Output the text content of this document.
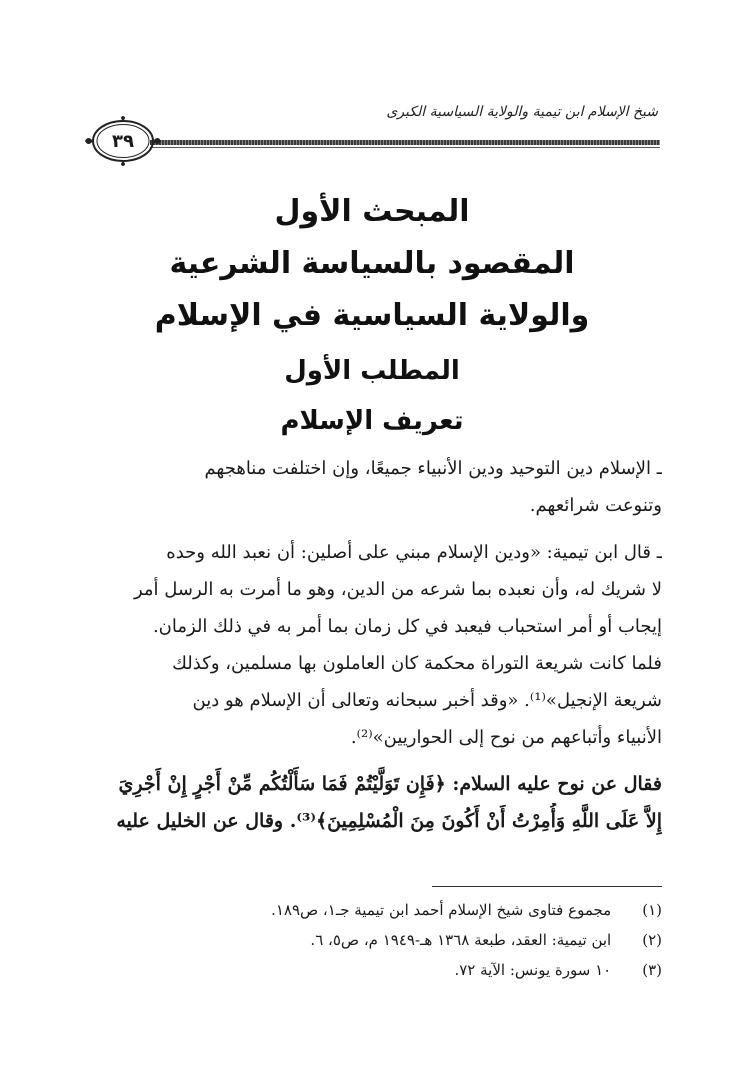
شيخ الإسلام ابن تيمية والولاية السياسية الكبرى
٣٩
المبحث الأول
المقصود بالسياسة الشرعية
والولاية السياسية في الإسلام
المطلب الأول
تعريف الإسلام
ـ الإسلام دين التوحيد ودين الأنبياء جميعًا، وإن اختلفت مناهجهم
وتنوعت شرائعهم.
ـ قال ابن تيمية: «ودين الإسلام مبني على أصلين: أن نعبد الله وحده
لا شريك له، وأن نعبده بما شرعه من الدين، وهو ما أمرت به الرسل أمر
إيجاب أو أمر استحباب فيعبد في كل زمان بما أمر به في ذلك الزمان.
فلما كانت شريعة التوراة محكمة كان العاملون بها مسلمين، وكذلك
شريعة الإنجيل»⁽¹⁾. «وقد أخبر سبحانه وتعالى أن الإسلام هو دين
الأنبياء وأتباعهم من نوح إلى الحواريين»⁽²⁾.
فقال عن نوح عليه السلام: ﴿فَإِن تَوَلَّيْتُمْ فَمَا سَأَلْتُكُم مِّنْ أَجْرٍ إِنْ أَجْرِيَ
إِلاَّ عَلَى اللَّهِ وَأُمِرْتُ أَنْ أَكُونَ مِنَ الْمُسْلِمِينَ﴾⁽³⁾. وقال عن الخليل عليه
(١) مجموع فتاوى شيخ الإسلام أحمد ابن تيمية جـ١، ص١٨٩.
(٢) ابن تيمية: العقد، طبعة ١٣٦٨ هـ-١٩٤٩ م، ص٥، ٦.
(٣) ١٠ سورة يونس: الآية ٧٢.
